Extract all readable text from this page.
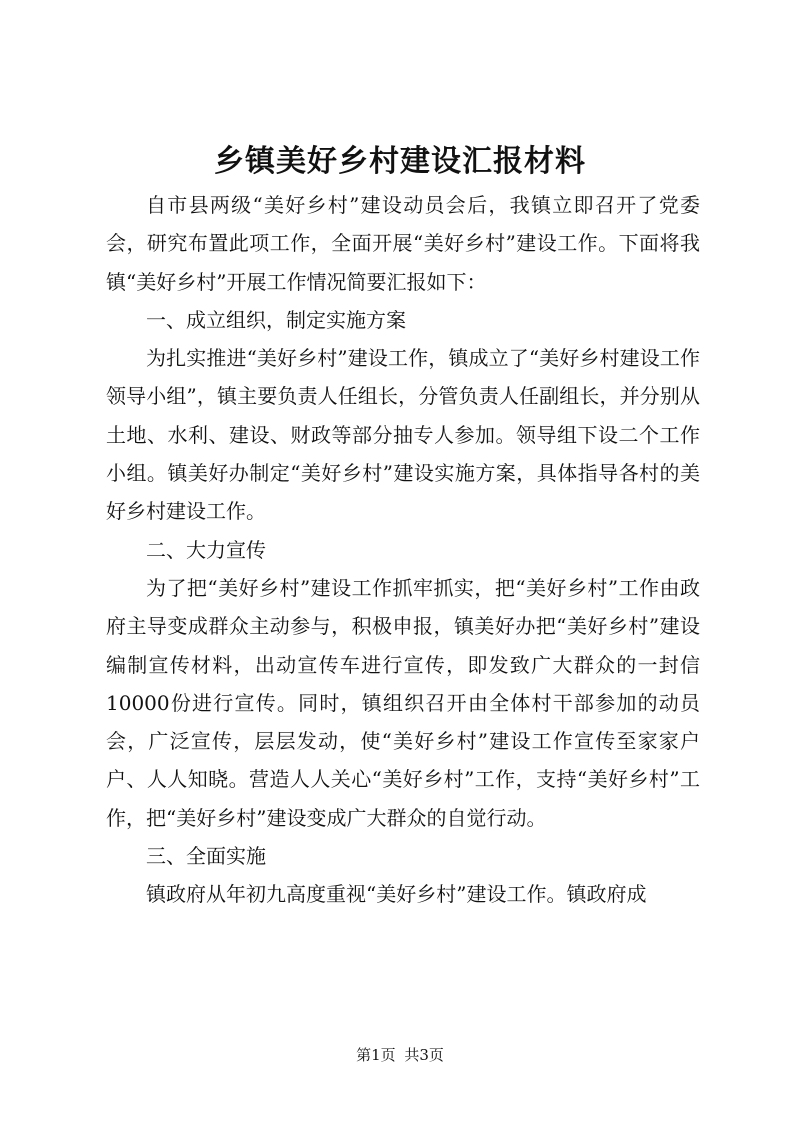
乡镇美好乡村建设汇报材料

自市县两级“美好乡村”建设动员会后，我镇立即召开了党委会，研究布置此项工作，全面开展“美好乡村”建设工作。下面将我镇“美好乡村”开展工作情况简要汇报如下：

一、成立组织，制定实施方案

为扎实推进“美好乡村”建设工作，镇成立了“美好乡村建设工作领导小组”，镇主要负责人任组长，分管负责人任副组长，并分别从土地、水利、建设、财政等部分抽专人参加。领导组下设二个工作小组。镇美好办制定“美好乡村”建设实施方案，具体指导各村的美好乡村建设工作。

二、大力宣传

为了把“美好乡村”建设工作抓牢抓实，把“美好乡村”工作由政府主导变成群众主动参与，积极申报，镇美好办把“美好乡村”建设编制宣传材料，出动宣传车进行宣传，即发致广大群众的一封信10000份进行宣传。同时，镇组织召开由全体村干部参加的动员会，广泛宣传，层层发动，使“美好乡村”建设工作宣传至家家户户、人人知晓。营造人人关心“美好乡村”工作，支持“美好乡村”工作，把“美好乡村”建设变成广大群众的自觉行动。

三、全面实施

镇政府从年初九高度重视“美好乡村”建设工作。镇政府成

第1页 共3页
